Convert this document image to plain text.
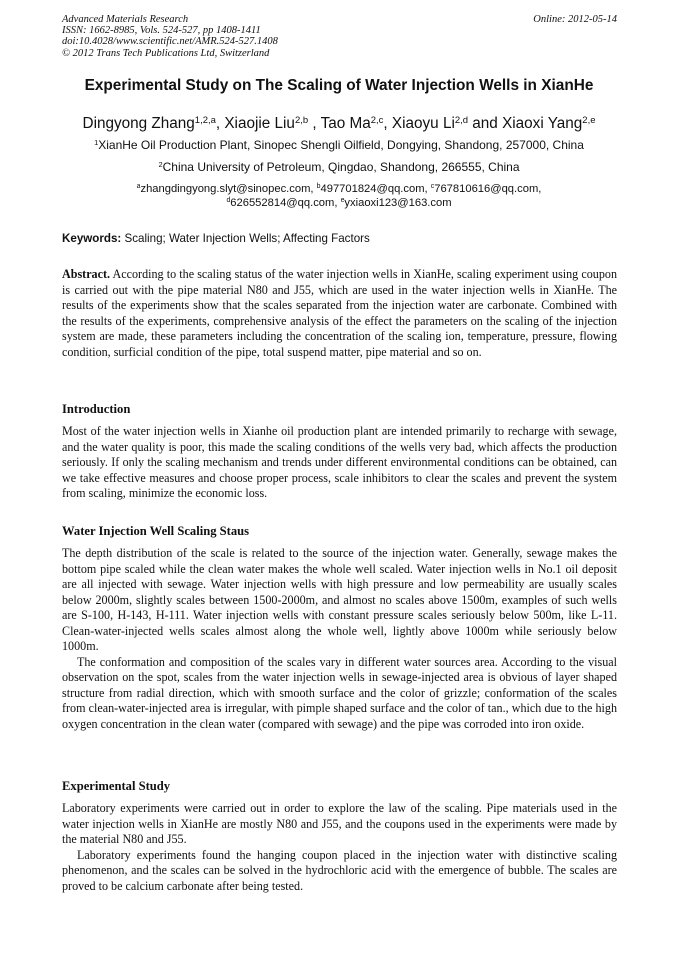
Advanced Materials Research
ISSN: 1662-8985, Vols. 524-527, pp 1408-1411
doi:10.4028/www.scientific.net/AMR.524-527.1408
© 2012 Trans Tech Publications Ltd, Switzerland
Online: 2012-05-14
Experimental Study on The Scaling of Water Injection Wells in XianHe
Dingyong Zhang$^{1,2,a}$, Xiaojie Liu$^{2,b}$ , Tao Ma$^{2,c}$, Xiaoyu Li$^{2,d}$ and Xiaoxi Yang$^{2,e}$
$^1$XianHe Oil Production Plant, Sinopec Shengli Oilfield, Dongying, Shandong, 257000, China
$^2$China University of Petroleum, Qingdao, Shandong, 266555, China
$^a$zhangdingyong.slyt@sinopec.com, $^b$497701824@qq.com, $^c$767810616@qq.com,
$^d$626552814@qq.com, $^e$yxiaoxi123@163.com
Keywords: Scaling; Water Injection Wells; Affecting Factors

Abstract. According to the scaling status of the water injection wells in XianHe, scaling experiment using coupon is carried out with the pipe material N80 and J55, which are used in the water injection wells in XianHe. The results of the experiments show that the scales separated from the injection water are carbonate. Combined with the results of the experiments, comprehensive analysis of the effect the parameters on the scaling of the injection system are made, these parameters including the concentration of the scaling ion, temperature, pressure, flowing condition, surficial condition of the pipe, total suspend matter, pipe material and so on.

Introduction

Most of the water injection wells in Xianhe oil production plant are intended primarily to recharge with sewage, and the water quality is poor, this made the scaling conditions of the wells very bad, which affects the production seriously. If only the scaling mechanism and trends under different environmental conditions can be obtained, can we take effective measures and choose proper process, scale inhibitors to clear the scales and prevent the system from scaling, minimize the economic loss.

Water Injection Well Scaling Staus

The depth distribution of the scale is related to the source of the injection water. Generally, sewage makes the bottom pipe scaled while the clean water makes the whole well scaled. Water injection wells in No.1 oil deposit are all injected with sewage. Water injection wells with high pressure and low permeability are usually scales below 2000m, slightly scales between 1500-2000m, and almost no scales above 1500m, examples of such wells are S-100, H-143, H-111. Water injection wells with constant pressure scales seriously below 500m, like L-11. Clean-water-injected wells scales almost along the whole well, lightly above 1000m while seriously below 1000m.

The conformation and composition of the scales vary in different water sources area. According to the visual observation on the spot, scales from the water injection wells in sewage-injected area is obvious of layer shaped structure from radial direction, which with smooth surface and the color of grizzle; conformation of the scales from clean-water-injected area is irregular, with pimple shaped surface and the color of tan., which due to the high oxygen concentration in the clean water (compared with sewage) and the pipe was corroded into iron oxide.

Experimental Study

Laboratory experiments were carried out in order to explore the law of the scaling. Pipe materials used in the water injection wells in XianHe are mostly N80 and J55, and the coupons used in the experiments were made by the material N80 and J55.

Laboratory experiments found the hanging coupon placed in the injection water with distinctive scaling phenomenon, and the scales can be solved in the hydrochloric acid with the emergence of bubble. The scales are proved to be calcium carbonate after being tested.
